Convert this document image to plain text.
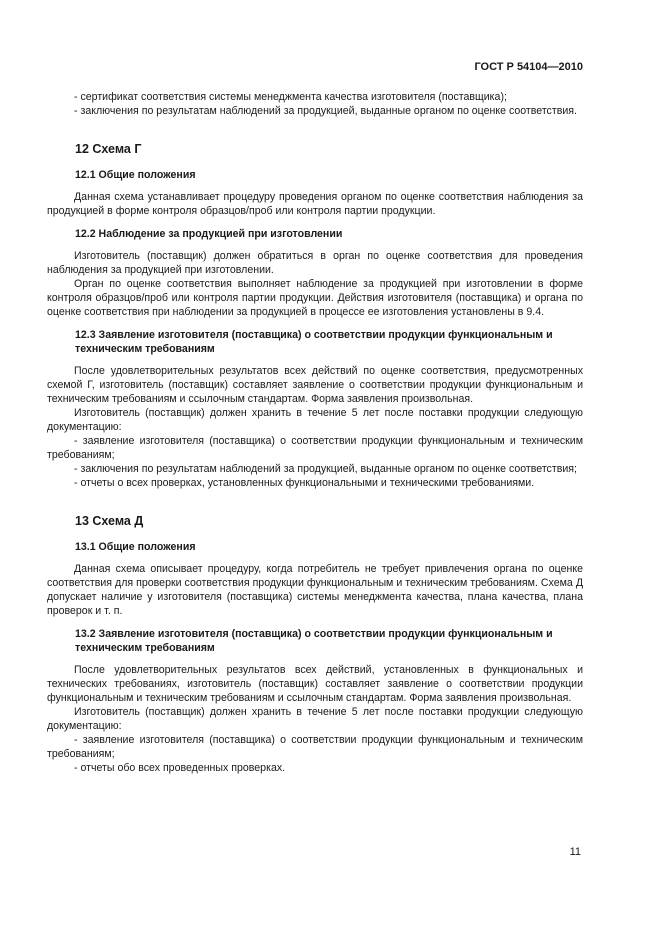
ГОСТ Р 54104—2010

- сертификат соответствия системы менеджмента качества изготовителя (поставщика);

- заключения по результатам наблюдений за продукцией, выданные органом по оценке соответствия.

12 Схема Г
12.1 Общие положения

Данная схема устанавливает процедуру проведения органом по оценке соответствия наблюдения за продукцией в форме контроля образцов/проб или контроля партии продукции.

12.2 Наблюдение за продукцией при изготовлении

Изготовитель (поставщик) должен обратиться в орган по оценке соответствия для проведения наблюдения за продукцией при изготовлении.

Орган по оценке соответствия выполняет наблюдение за продукцией при изготовлении в форме контроля образцов/проб или контроля партии продукции. Действия изготовителя (поставщика) и органа по оценке соответствия при наблюдении за продукцией в процессе ее изготовления установлены в 9.4.

12.3 Заявление изготовителя (поставщика) о соответствии продукции функциональным и техническим требованиям

После удовлетворительных результатов всех действий по оценке соответствия, предусмотренных схемой Г, изготовитель (поставщик) составляет заявление о соответствии продукции функциональным и техническим требованиям и ссылочным стандартам. Форма заявления произвольная.

Изготовитель (поставщик) должен хранить в течение 5 лет после поставки продукции следующую документацию:

- заявление изготовителя (поставщика) о соответствии продукции функциональным и техническим требованиям;

- заключения по результатам наблюдений за продукцией, выданные органом по оценке соответствия;

- отчеты о всех проверках, установленных функциональными и техническими требованиями.

13 Схема Д
13.1 Общие положения

Данная схема описывает процедуру, когда потребитель не требует привлечения органа по оценке соответствия для проверки соответствия продукции функциональным и техническим требованиям. Схема Д допускает наличие у изготовителя (поставщика) системы менеджмента качества, плана качества, плана проверок и т. п.

13.2 Заявление изготовителя (поставщика) о соответствии продукции функциональным и техническим требованиям

После удовлетворительных результатов всех действий, установленных в функциональных и технических требованиях, изготовитель (поставщик) составляет заявление о соответствии продукции функциональным и техническим требованиям и ссылочным стандартам. Форма заявления произвольная.

Изготовитель (поставщик) должен хранить в течение 5 лет после поставки продукции следующую документацию:

- заявление изготовителя (поставщика) о соответствии продукции функциональным и техническим требованиям;

- отчеты обо всех проведенных проверках.

11
